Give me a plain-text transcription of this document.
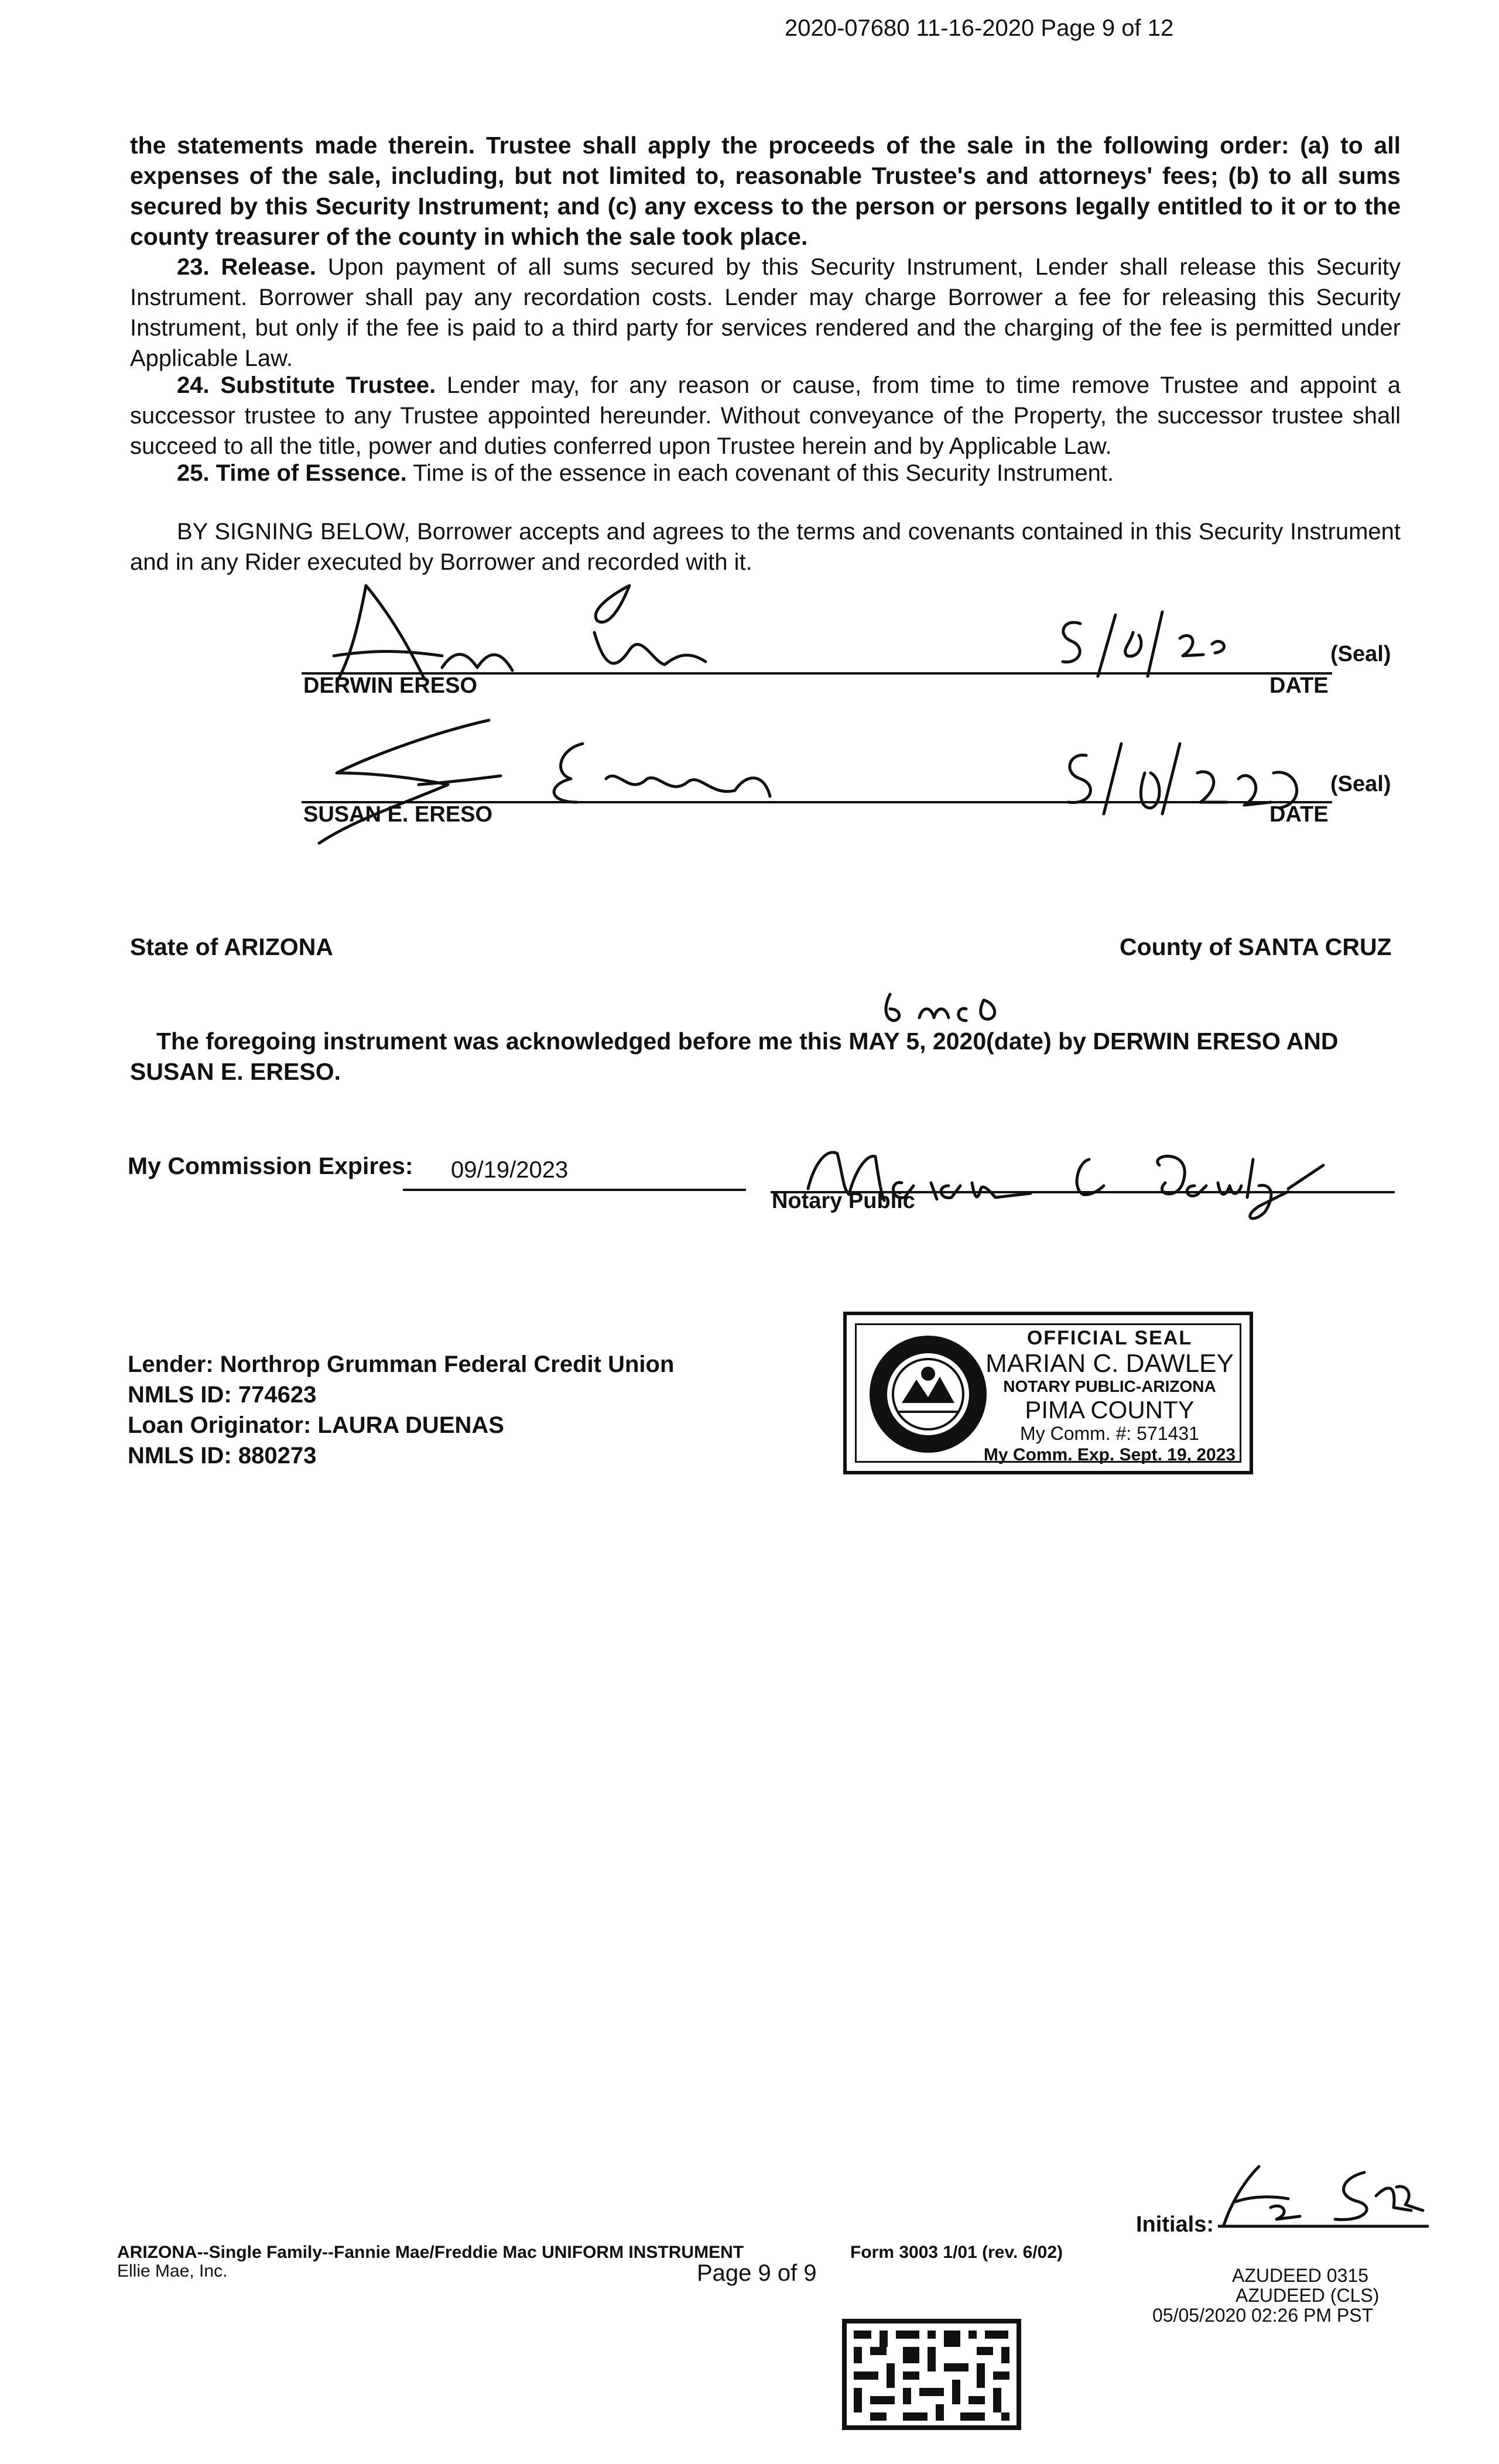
2020-07680 11-16-2020 Page 9 of 12
the statements made therein. Trustee shall apply the proceeds of the sale in the following order: (a) to all expenses of the sale, including, but not limited to, reasonable Trustee's and attorneys' fees; (b) to all sums secured by this Security Instrument; and (c) any excess to the person or persons legally entitled to it or to the county treasurer of the county in which the sale took place.
23. Release. Upon payment of all sums secured by this Security Instrument, Lender shall release this Security Instrument. Borrower shall pay any recordation costs. Lender may charge Borrower a fee for releasing this Security Instrument, but only if the fee is paid to a third party for services rendered and the charging of the fee is permitted under Applicable Law.
24. Substitute Trustee. Lender may, for any reason or cause, from time to time remove Trustee and appoint a successor trustee to any Trustee appointed hereunder. Without conveyance of the Property, the successor trustee shall succeed to all the title, power and duties conferred upon Trustee herein and by Applicable Law.
25. Time of Essence. Time is of the essence in each covenant of this Security Instrument.
BY SIGNING BELOW, Borrower accepts and agrees to the terms and covenants contained in this Security Instrument and in any Rider executed by Borrower and recorded with it.
DERWIN ERESO	DATE
(Seal)
SUSAN E. ERESO	DATE
(Seal)
State of ARIZONA	County of SANTA CRUZ
The foregoing instrument was acknowledged before me this MAY 5, 2020(date) by DERWIN ERESO AND SUSAN E. ERESO.
My Commission Expires: 09/19/2023
Notary Public
Lender: Northrop Grumman Federal Credit Union
NMLS ID: 774623
Loan Originator: LAURA DUENAS
NMLS ID: 880273
OFFICIAL SEAL
MARIAN C. DAWLEY
NOTARY PUBLIC-ARIZONA
PIMA COUNTY
My Comm. #: 571431
My Comm. Exp. Sept. 19, 2023
ARIZONA--Single Family--Fannie Mae/Freddie Mac UNIFORM INSTRUMENT
Ellie Mae, Inc.
Form 3003 1/01 (rev. 6/02)
Page 9 of 9
Initials:
AZUDEED 0315
AZUDEED (CLS)
05/05/2020 02:26 PM PST
